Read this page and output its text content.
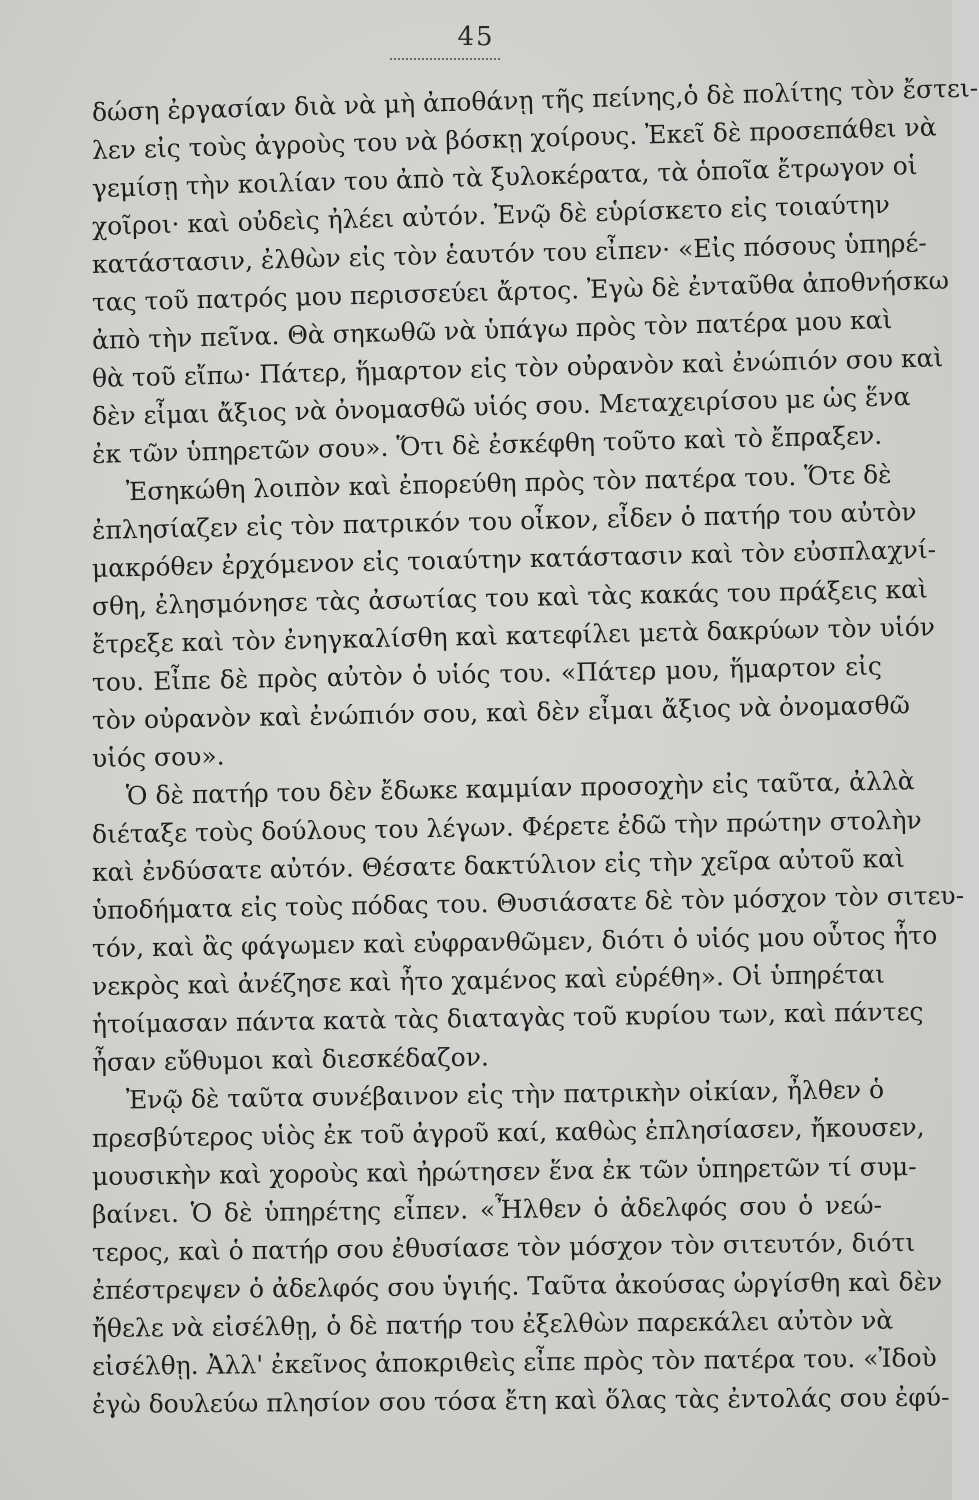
45
δώση ἐργασίαν διὰ νὰ μὴ ἀποθάνῃ τῆς πείνης,ὁ δὲ πολίτης τὸν ἔστει-
λεν εἰς τοὺς ἀγροὺς του νὰ βόσκῃ χοίρους. Ἐκεῖ δὲ προσεπάθει νὰ
γεμίσῃ τὴν κοιλίαν του ἀπὸ τὰ ξυλοκέρατα, τὰ ὁποῖα ἔτρωγον οἱ
χοῖροι· καὶ οὐδεὶς ἠλέει αὐτόν. Ἐνῷ δὲ εὑρίσκετο εἰς τοιαύτην
κατάστασιν, ἐλθὼν εἰς τὸν ἑαυτόν του εἶπεν· «Εἰς πόσους ὑπηρέ-
τας τοῦ πατρός μου περισσεύει ἄρτος. Ἐγὼ δὲ ἐνταῦθα ἀποθνήσκω
ἀπὸ τὴν πεῖνα. Θὰ σηκωθῶ νὰ ὑπάγω πρὸς τὸν πατέρα μου καὶ
θὰ τοῦ εἴπω· Πάτερ, ἥμαρτον εἰς τὸν οὐρανὸν καὶ ἐνώπιόν σου καὶ
δὲν εἶμαι ἄξιος νὰ ὀνομασθῶ υἱός σου. Μεταχειρίσου με ὡς ἕνα
ἐκ τῶν ὑπηρετῶν σου». Ὅτι δὲ ἐσκέφθη τοῦτο καὶ τὸ ἔπραξεν.
Ἐσηκώθη λοιπὸν καὶ ἐπορεύθη πρὸς τὸν πατέρα του. Ὅτε δὲ
ἐπλησίαζεν εἰς τὸν πατρικόν του οἶκον, εἶδεν ὁ πατήρ του αὐτὸν
μακρόθεν ἐρχόμενον εἰς τοιαύτην κατάστασιν καὶ τὸν εὐσπλαχνί-
σθη, ἐλησμόνησε τὰς ἀσωτίας του καὶ τὰς κακάς του πράξεις καὶ
ἔτρεξε καὶ τὸν ἐνηγκαλίσθη καὶ κατεφίλει μετὰ δακρύων τὸν υἱόν
του. Εἶπε δὲ πρὸς αὐτὸν ὁ υἱός του. «Πάτερ μου, ἥμαρτον εἰς
τὸν οὐρανὸν καὶ ἐνώπιόν σου, καὶ δὲν εἶμαι ἄξιος νὰ ὀνομασθῶ
υἱός σου».
Ὁ δὲ πατήρ του δὲν ἔδωκε καμμίαν προσοχὴν εἰς ταῦτα, ἀλλὰ
διέταξε τοὺς δούλους του λέγων. Φέρετε ἐδῶ τὴν πρώτην στολὴν
καὶ ἐνδύσατε αὐτόν. Θέσατε δακτύλιον εἰς τὴν χεῖρα αὐτοῦ καὶ
ὑποδήματα εἰς τοὺς πόδας του. Θυσιάσατε δὲ τὸν μόσχον τὸν σιτευ-
τόν, καὶ ἂς φάγωμεν καὶ εὐφρανθῶμεν, διότι ὁ υἱός μου οὗτος ἦτο
νεκρὸς καὶ ἀνέζησε καὶ ἦτο χαμένος καὶ εὑρέθη». Οἱ ὑπηρέται
ἡτοίμασαν πάντα κατὰ τὰς διαταγὰς τοῦ κυρίου των, καὶ πάντες
ἦσαν εὔθυμοι καὶ διεσκέδαζον.
Ἐνῷ δὲ ταῦτα συνέβαινον εἰς τὴν πατρικὴν οἰκίαν, ἦλθεν ὁ
πρεσβύτερος υἱὸς ἐκ τοῦ ἀγροῦ καί, καθὼς ἐπλησίασεν, ἤκουσεν,
μουσικὴν καὶ χοροὺς καὶ ἠρώτησεν ἕνα ἐκ τῶν ὑπηρετῶν τί συμ-
βαίνει. Ὁ δὲ ὑπηρέτης εἶπεν. «Ἦλθεν ὁ ἀδελφός σου ὁ νεώ-
τερος, καὶ ὁ πατήρ σου ἐθυσίασε τὸν μόσχον τὸν σιτευτόν, διότι
ἐπέστρεψεν ὁ ἀδελφός σου ὑγιής. Ταῦτα ἀκούσας ὠργίσθη καὶ δὲν
ἤθελε νὰ εἰσέλθῃ, ὁ δὲ πατήρ του ἐξελθὼν παρεκάλει αὐτὸν νὰ
εἰσέλθῃ. Ἀλλ' ἐκεῖνος ἀποκριθεὶς εἶπε πρὸς τὸν πατέρα του. «Ἰδοὺ
ἐγὼ δουλεύω πλησίον σου τόσα ἔτη καὶ ὅλας τὰς ἐντολάς σου ἐφύ-
